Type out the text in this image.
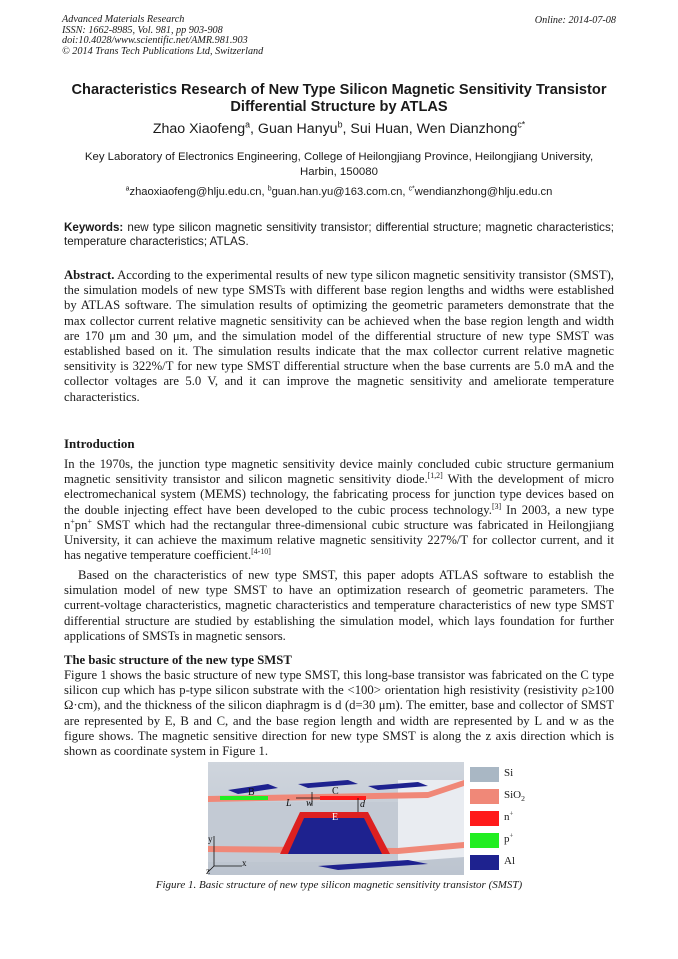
Advanced Materials Research
ISSN: 1662-8985, Vol. 981, pp 903-908
doi:10.4028/www.scientific.net/AMR.981.903
© 2014 Trans Tech Publications Ltd, Switzerland
Online: 2014-07-08
Characteristics Research of New Type Silicon Magnetic Sensitivity Transistor Differential Structure by ATLAS
Zhao Xiaofeng$^a$, Guan Hanyu$^b$, Sui Huan, Wen Dianzhong$^{c*}$
Key Laboratory of Electronics Engineering, College of Heilongjiang Province, Heilongjiang University, Harbin, 150080
$^a$zhaoxiaofeng@hlju.edu.cn, $^b$guan.han.yu@163.com.cn, $^{c*}$wendianzhong@hlju.edu.cn
Keywords: new type silicon magnetic sensitivity transistor; differential structure; magnetic characteristics; temperature characteristics; ATLAS.
Abstract. According to the experimental results of new type silicon magnetic sensitivity transistor (SMST), the simulation models of new type SMSTs with different base region lengths and widths were established by ATLAS software. The simulation results of optimizing the geometric parameters demonstrate that the max collector current relative magnetic sensitivity can be achieved when the base region length and width are 170 μm and 30 μm, and the simulation model of the differential structure of new type SMST was established based on it. The simulation results indicate that the max collector current relative magnetic sensitivity is 322%/T for new type SMST differential structure when the base currents are 5.0 mA and the collector voltages are 5.0 V, and it can improve the magnetic sensitivity and ameliorate temperature characteristics.
Introduction
In the 1970s, the junction type magnetic sensitivity device mainly concluded cubic structure germanium magnetic sensitivity transistor and silicon magnetic sensitivity diode.[1,2] With the development of micro electromechanical system (MEMS) technology, the fabricating process for junction type devices based on the double injecting effect have been developed to the cubic process technology.[3] In 2003, a new type n+pn+ SMST which had the rectangular three-dimensional cubic structure was fabricated in Heilongjiang University, it can achieve the maximum relative magnetic sensitivity 227%/T for collector current, and it has negative temperature coefficient.[4-10]
Based on the characteristics of new type SMST, this paper adopts ATLAS software to establish the simulation model of new type SMST to have an optimization research of geometric parameters. The current-voltage characteristics, magnetic characteristics and temperature characteristics of new type SMST differential structure are studied by establishing the simulation model, which lays foundation for further applications of SMSTs in magnetic sensors.
The basic structure of the new type SMST
Figure 1 shows the basic structure of new type SMST, this long-base transistor was fabricated on the C type silicon cup which has p-type silicon substrate with the <100> orientation high resistivity (resistivity ρ≥100 Ω·cm), and the thickness of the silicon diaphragm is d (d=30 μm). The emitter, base and collector of SMST are represented by E, B and C, and the base region length and width are represented by L and w as the figure shows. The magnetic sensitive direction for new type SMST is along the z axis direction which is shown as coordinate system in Figure 1.
B	C
E
L w	d
x
y
z
Si
SiO$_2$
n+
p+
Al
Figure 1. Basic structure of new type silicon magnetic sensitivity transistor (SMST)
